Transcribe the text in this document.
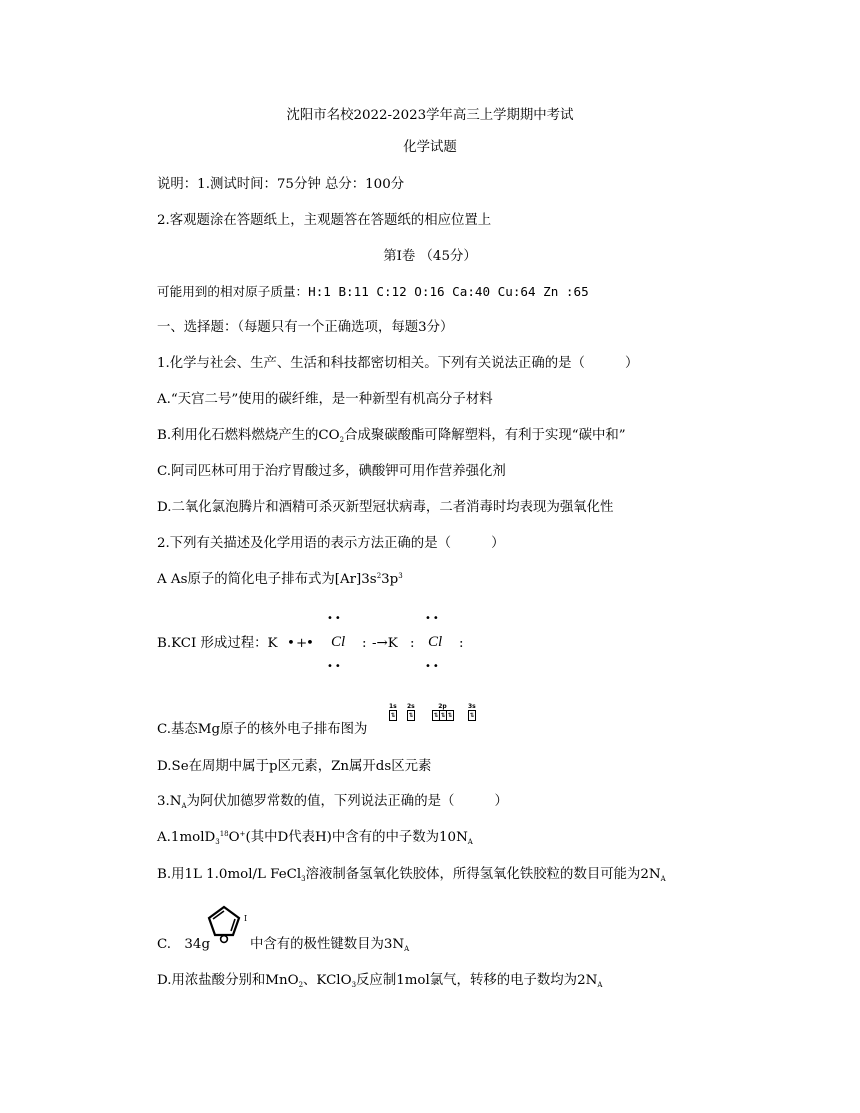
沈阳市名校2022-2023学年高三上学期期中考试
化学试题
说明：1.测试时间：75分钟 总分：100分
2.客观题涂在答题纸上，主观题答在答题纸的相应位置上
第Ⅰ卷 （45分）
可能用到的相对原子质量：H:1 B:11 C:12 O:16 Ca:40 Cu:64 Zn :65
一、选择题：（每题只有一个正确选项，每题3分）
1.化学与社会、生产、生活和科技都密切相关。下列有关说法正确的是（　　　）
A.“天宫二号”使用的碳纤维，是一种新型有机高分子材料
B.利用化石燃料燃烧产生的$CO_2$合成聚碳酸酯可降解塑料，有利于实现“碳中和”
C.阿司匹林可用于治疗胃酸过多，碘酸钾可用作营养强化剂
D.二氧化氯泡腾片和酒精可杀灭新型冠状病毒，二者消毒时均表现为强氧化性
2.下列有关描述及化学用语的表示方法正确的是（　　　）
A As原子的简化电子排布式为$[Ar]3s^23p^3$
B.KCI 形成过程：K • +
•
••
Cl
••
: -→K :
••
Cl
••
:
C.基态Mg原子的核外电子排布图为
1s
⇅
2s
⇅
2p
⇅ ⇅ ⇅
3s
⇅
D.Se在周期中属于p区元素，Zn属开ds区元素
$3.N_A$为阿伏加德罗常数的值，下列说法正确的是（　　　）
A.1molD$_3^{18}$O+(其中D代表H)中含有的中子数为$10N_A$
B.用1L 1.0mol/L FeCl$_3$溶液制备氢氧化铁胶体，所得氢氧化铁胶粒的数目可能为$2N_A$
C.　34g
I
中含有的极性键数目为$3N_A$
D.用浓盐酸分别和MnO$_2$、KClO$_3$反应制1mol氯气，转移的电子数均为$2N_A$
